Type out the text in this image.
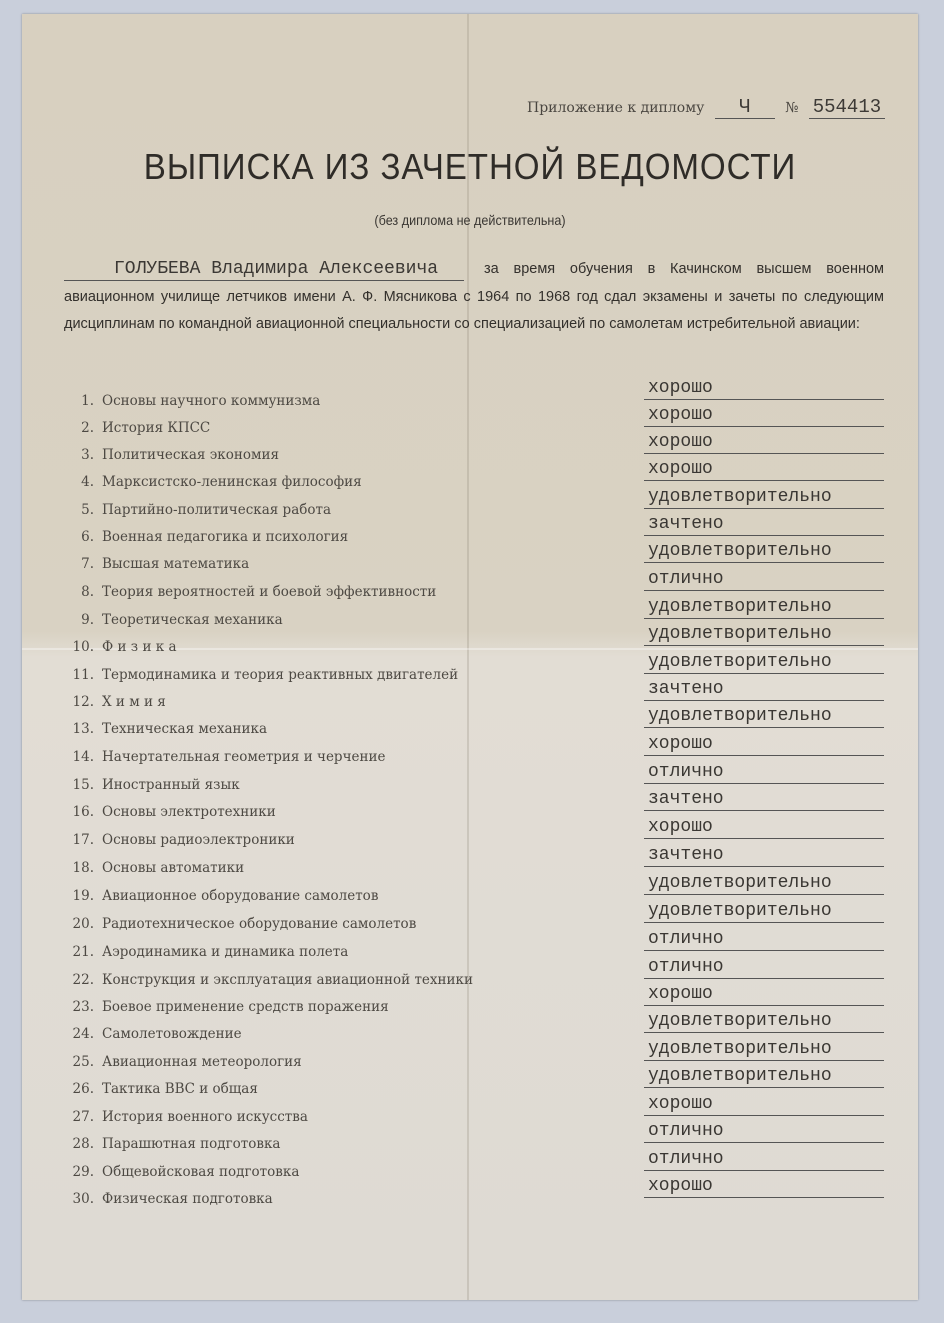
Приложение к диплому Ч № 554413
ВЫПИСКА ИЗ ЗАЧЕТНОЙ ВЕДОМОСТИ
(без диплома не действительна)
ГОЛУБЕВА Владимира Алексеевича	за время обучения в Качинском высшем военном авиационном училище летчиков имени А. Ф. Мясникова с 1964 по 1968 год сдал экзамены и зачеты по следующим дисциплинам по командной авиационной специальности со специализацией по самолетам истребительной авиации:
1. Основы научного коммунизма
хорошо
2. История КПСС
хорошо
3. Политическая экономия
хорошо
4. Марксистско-ленинская философия
хорошо
5. Партийно-политическая работа
удовлетворительно
6. Военная педагогика и психология
зачтено
7. Высшая математика
удовлетворительно
8. Теория вероятностей и боевой эффективности
отлично
9. Теоретическая механика
удовлетворительно
10. Ф и з и к а
удовлетворительно
11. Термодинамика и теория реактивных двигателей
удовлетворительно
12. Х и м и я
зачтено
13. Техническая механика
удовлетворительно
14. Начертательная геометрия и черчение
хорошо
15. Иностранный язык
отлично
16. Основы электротехники
зачтено
17. Основы радиоэлектроники
хорошо
18. Основы автоматики
зачтено
19. Авиационное оборудование самолетов
удовлетворительно
20. Радиотехническое оборудование самолетов
удовлетворительно
21. Аэродинамика и динамика полета
отлично
22. Конструкция и эксплуатация авиационной техники
отлично
23. Боевое применение средств поражения
хорошо
24. Самолетовождение
удовлетворительно
25. Авиационная метеорология
удовлетворительно
26. Тактика ВВС и общая
удовлетворительно
27. История военного искусства
хорошо
28. Парашютная подготовка
отлично
29. Общевойсковая подготовка
отлично
30. Физическая подготовка
хорошо
